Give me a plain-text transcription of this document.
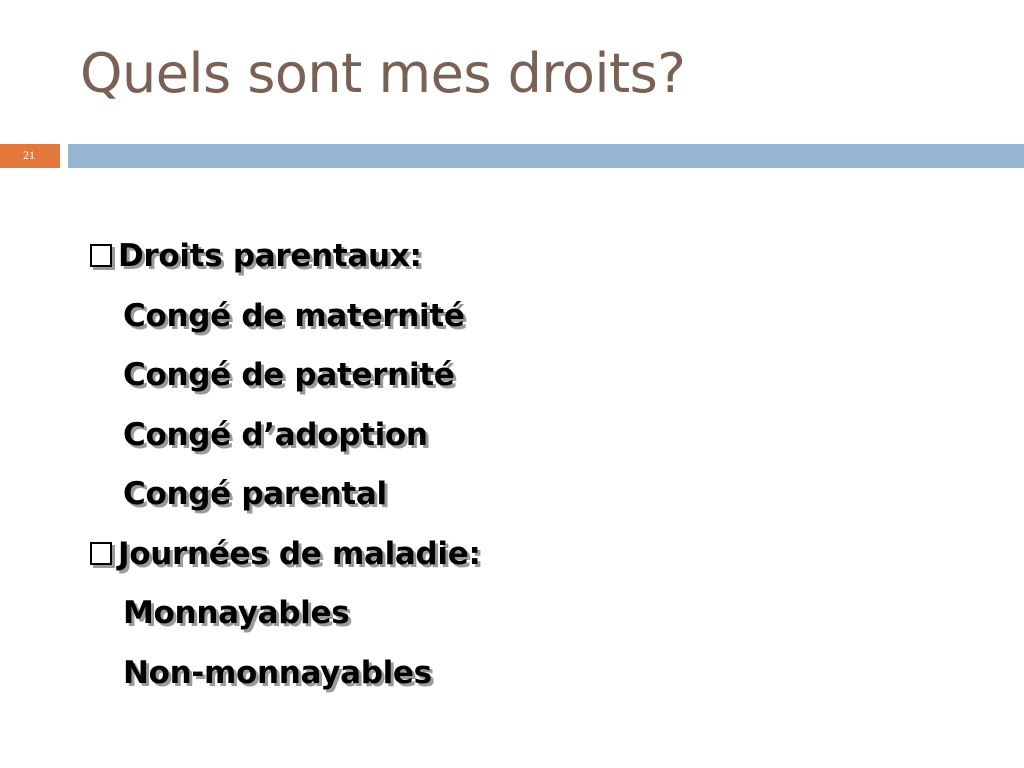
Quels sont mes droits?
21
Droits parentaux:
Congé de maternité
Congé de paternité
Congé d’adoption
Congé parental
Journées de maladie:
Monnayables
Non-monnayables
